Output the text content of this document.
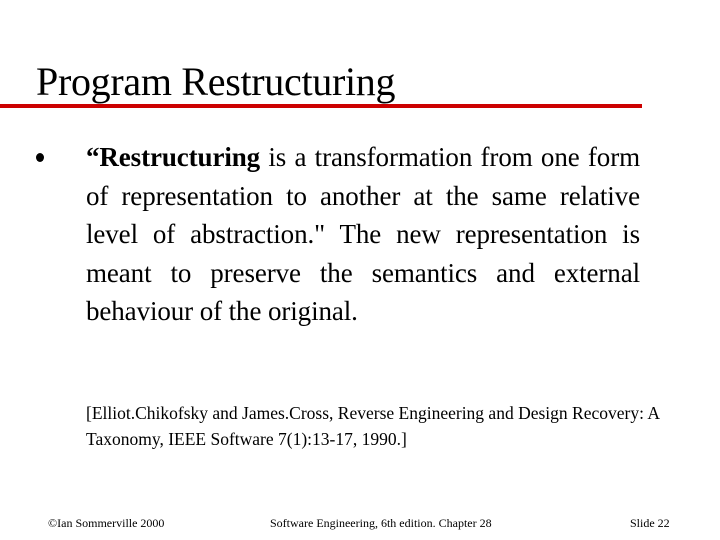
Program Restructuring
“Restructuring is a transformation from one form of representation to another at the same relative level of abstraction." The new representation is meant to preserve the semantics and external behaviour of the original.
[Elliot.Chikofsky and James.Cross, Reverse Engineering and Design Recovery: A Taxonomy, IEEE Software 7(1):13-17, 1990.]
©Ian Sommerville 2000	Software Engineering, 6th edition. Chapter 28	Slide 22
